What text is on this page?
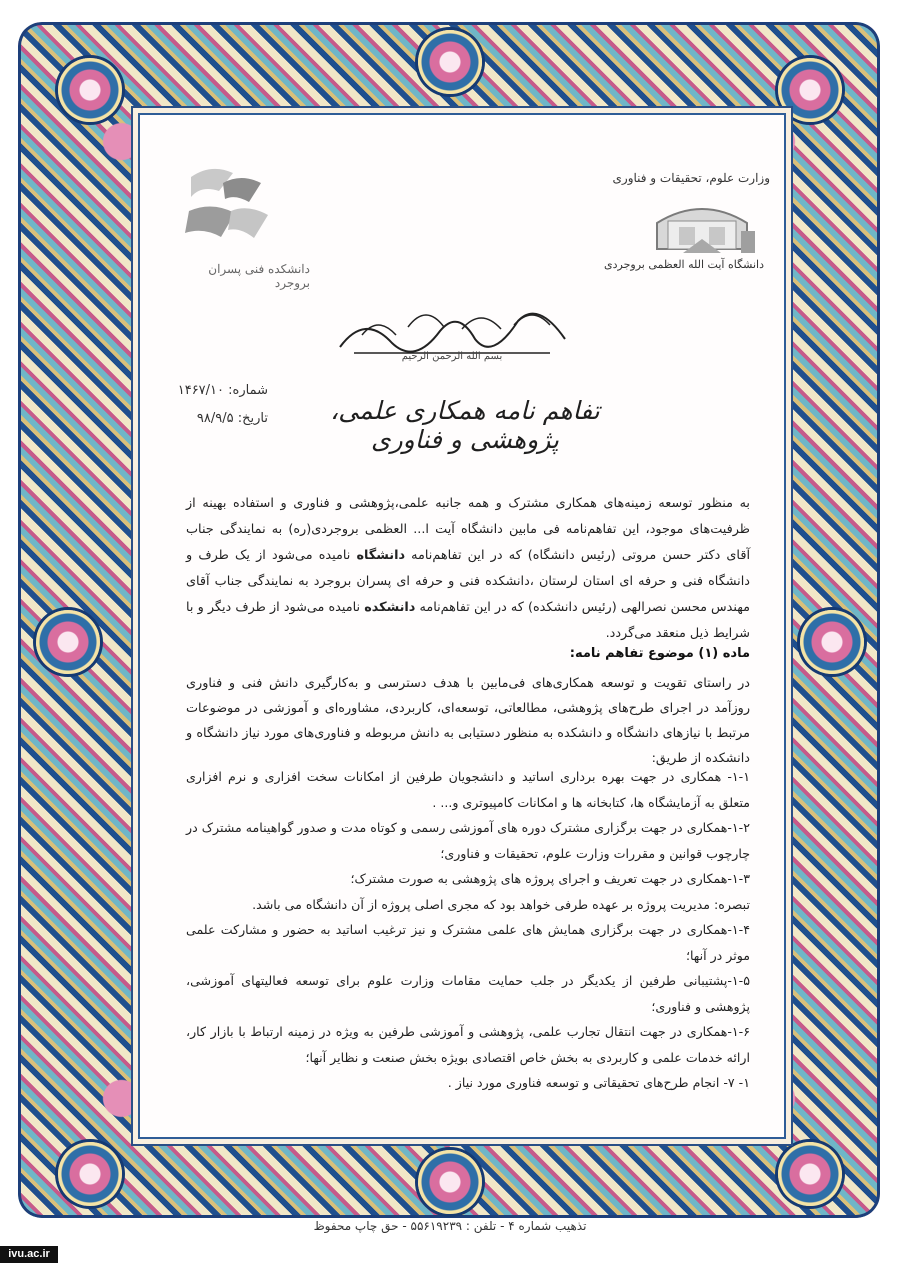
وزارت علوم، تحقیقات و فناوری
دانشگاه آیت الله العظمی بروجردی
دانشکده فنی پسران بروجرد
بسم الله الرحمن الرحیم
تفاهم نامه همکاری علمی، پژوهشی و فناوری
شماره: ۱۴۶۷/۱۰
تاریخ: ۹۸/۹/۵
به منظور توسعه زمینه‌های همکاری مشترک و همه جانبه علمی،پژوهشی و فناوری و استفاده بهینه از ظرفیت‌های موجود، این تفاهم‌نامه فی مابین دانشگاه آیت ا... العظمی بروجردی(ره) به نمایندگی جناب آقای دکتر حسن مروتی (رئیس دانشگاه) که در این تفاهم‌نامه دانشگاه نامیده می‌شود از یک طرف و دانشگاه فنی و حرفه ای استان لرستان ،دانشکده فنی و حرفه ای پسران بروجرد به نمایندگی جناب آقای مهندس محسن نصرالهی (رئیس دانشکده) که در این تفاهم‌نامه دانشکده نامیده می‌شود از طرف دیگر و با شرایط ذیل منعقد می‌گردد.
ماده (۱) موضوع تفاهم نامه:
در راستای تقویت و توسعه همکاری‌های فی‌مابین با هدف دسترسی و به‌کارگیری دانش فنی و فناوری روزآمد در اجرای طرح‌های پژوهشی، مطالعاتی، توسعه‌ای، کاربردی، مشاوره‌ای و آموزشی در موضوعات مرتبط با نیازهای دانشگاه و دانشکده به منظور دستیابی به دانش مربوطه و فناوری‌های مورد نیاز دانشگاه و دانشکده از طریق:

۱-۱- همکاری در جهت بهره برداری اساتید و دانشجویان طرفین از امکانات سخت افزاری و نرم افزاری متعلق به آزمایشگاه ها، کتابخانه ها و امکانات کامپیوتری و... .

۱-۲-همکاری در جهت برگزاری مشترک دوره های آموزشی رسمی و کوتاه مدت و صدور گواهینامه مشترک در چارچوب قوانین و مقررات وزارت علوم، تحقیقات و فناوری؛

۱-۳-همکاری در جهت تعریف و اجرای پروژه های پژوهشی به صورت مشترک؛

تبصره: مدیریت پروژه بر عهده طرفی خواهد بود که مجری اصلی پروژه از آن دانشگاه می باشد.

۱-۴-همکاری در جهت برگزاری همایش های علمی مشترک و نیز ترغیب اساتید به حضور و مشارکت علمی موثر در آنها؛

۱-۵-پشتیبانی طرفین از یکدیگر در جلب حمایت مقامات وزارت علوم برای توسعه فعالیتهای آموزشی، پژوهشی و فناوری؛

۱-۶-همکاری در جهت انتقال تجارب علمی، پژوهشی و آموزشی طرفین به ویژه در زمینه ارتباط با بازار کار، ارائه خدمات علمی و کاربردی به بخش خاص اقتصادی بویژه بخش صنعت و نظایر آنها؛

۱- ۷- انجام طرح‌های تحقیقاتی و توسعه فناوری مورد نیاز .

تذهیب شماره ۴ - تلفن : ۵۵۶۱۹۲۳۹ - حق چاپ محفوظ
ivu.ac.ir
